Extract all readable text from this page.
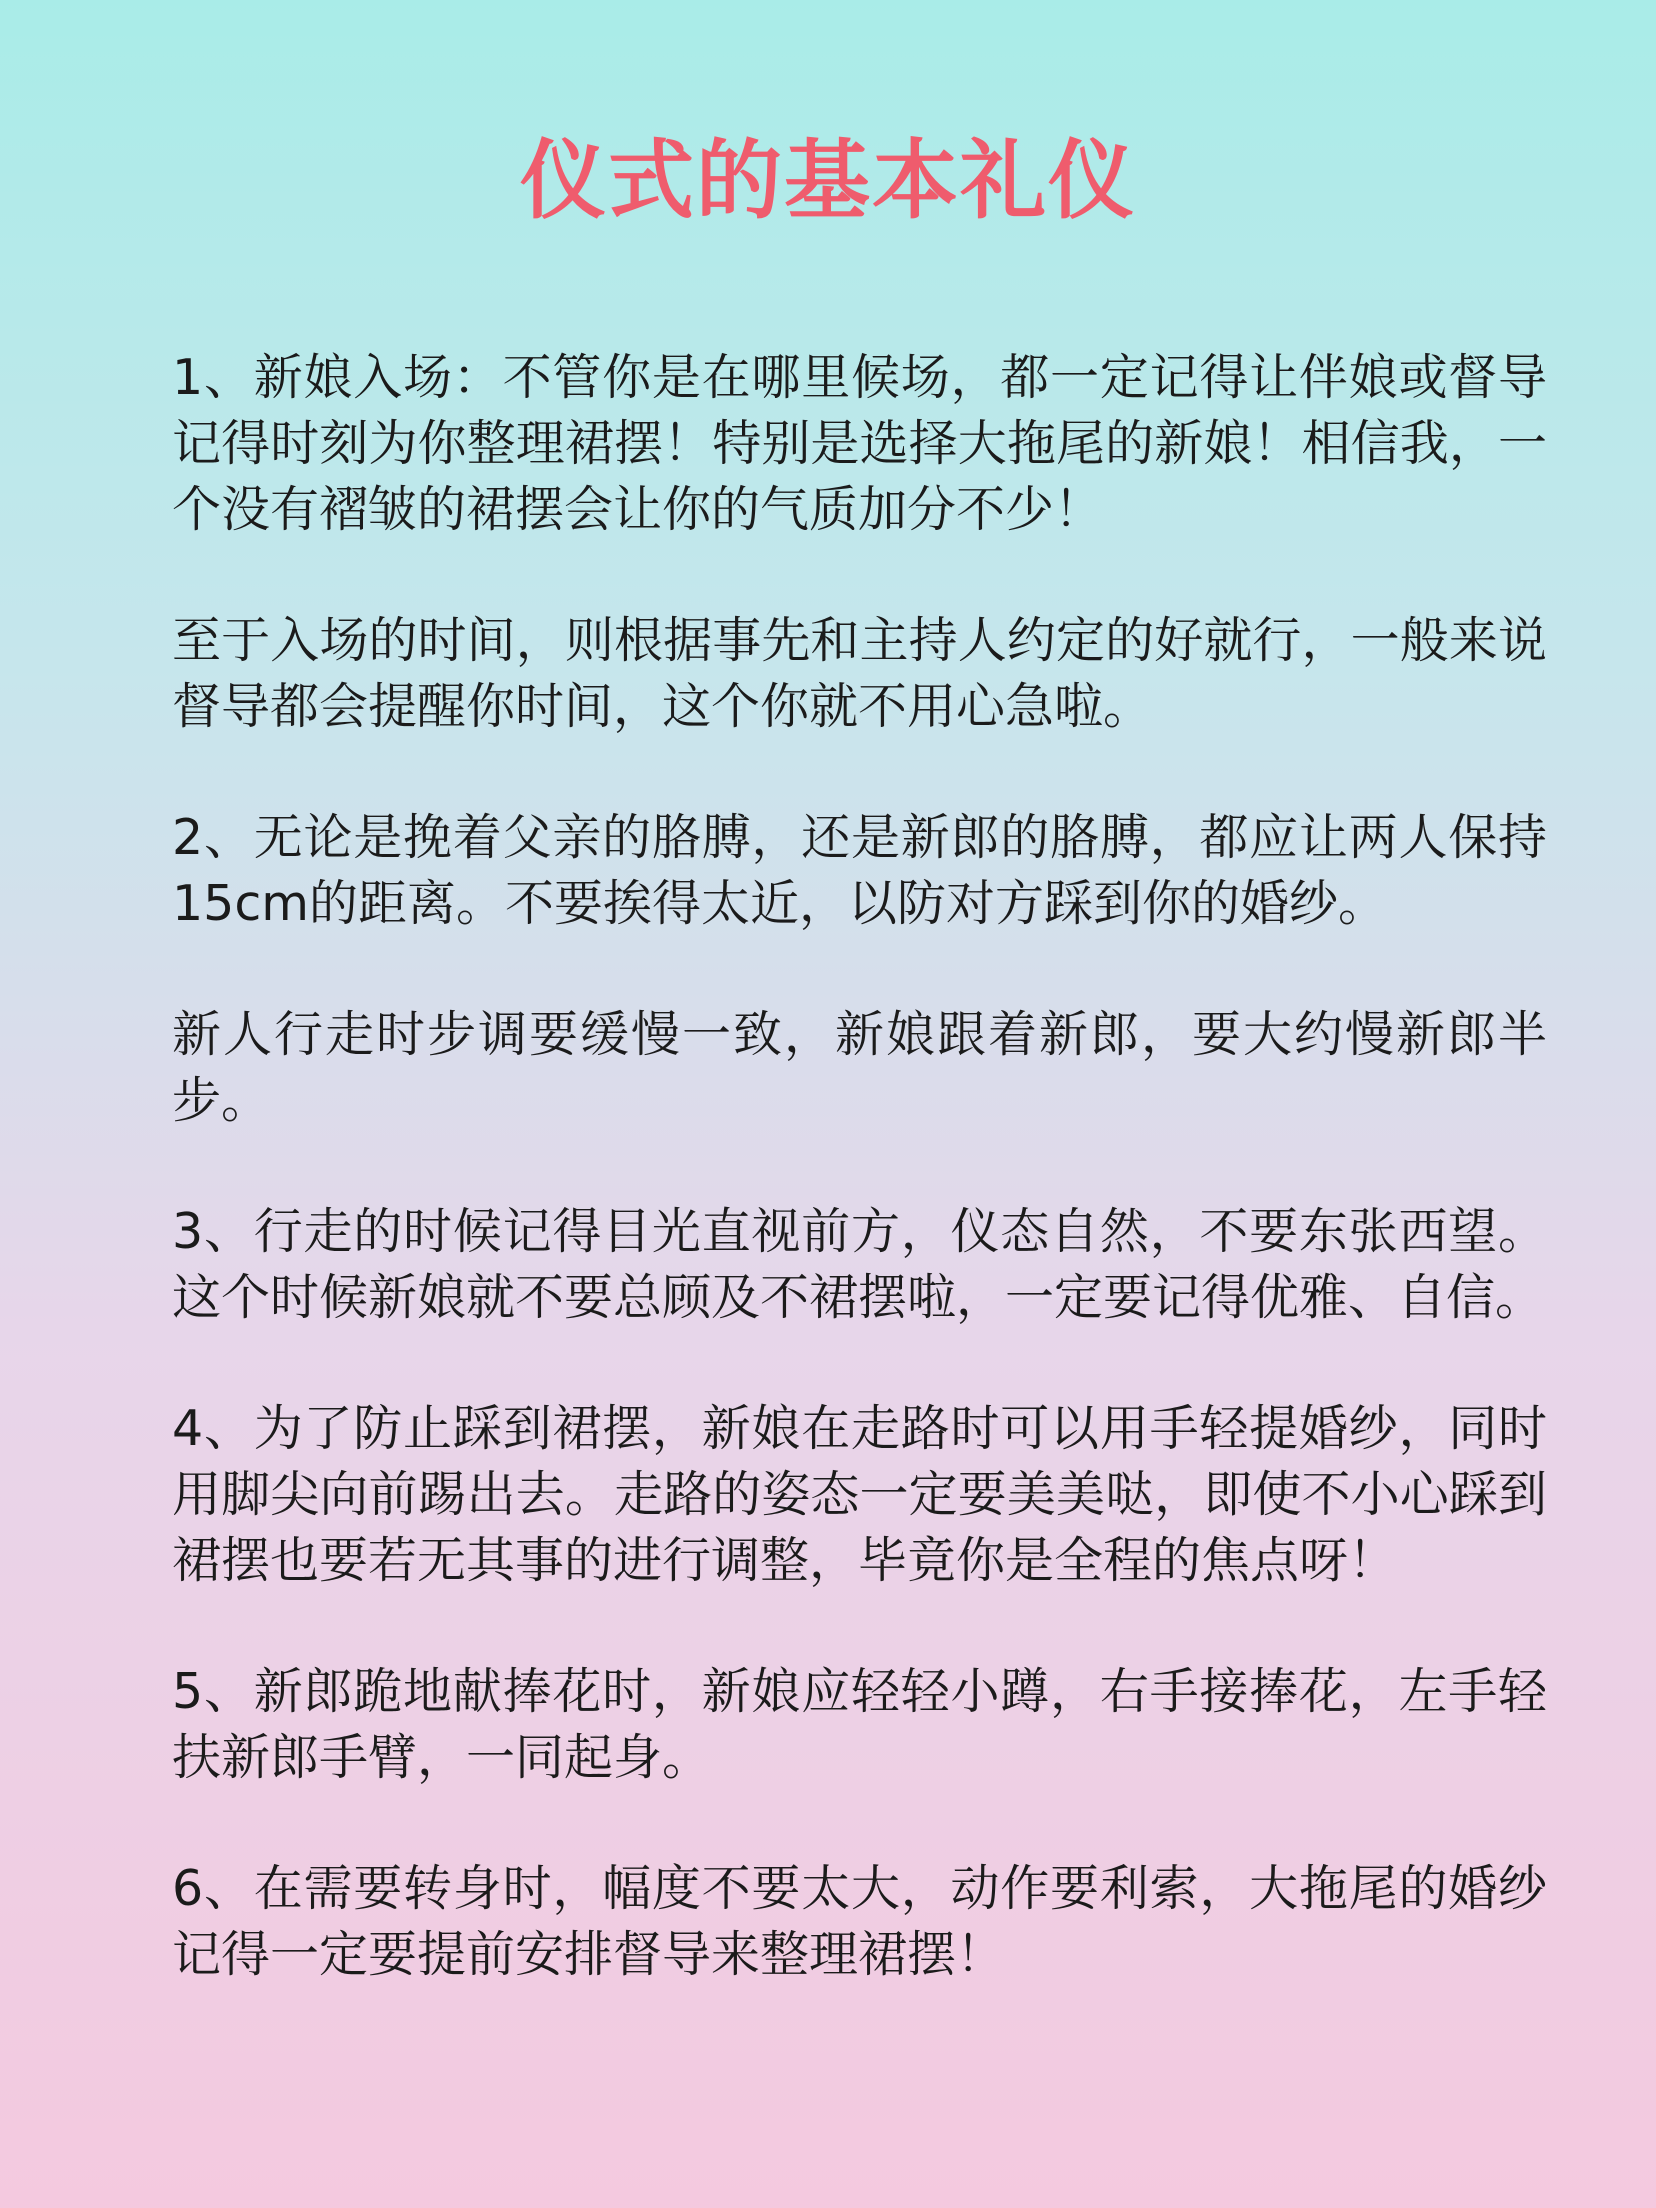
仪式的基本礼仪

1、新娘入场：不管你是在哪里候场，都一定记得让伴娘或督导记得时刻为你整理裙摆！特别是选择大拖尾的新娘！相信我，一个没有褶皱的裙摆会让你的气质加分不少！

至于入场的时间，则根据事先和主持人约定的好就行，一般来说督导都会提醒你时间，这个你就不用心急啦。

2、无论是挽着父亲的胳膊，还是新郎的胳膊，都应让两人保持15cm的距离。不要挨得太近，以防对方踩到你的婚纱。

新人行走时步调要缓慢一致，新娘跟着新郎，要大约慢新郎半步。

3、行走的时候记得目光直视前方，仪态自然，不要东张西望。这个时候新娘就不要总顾及不裙摆啦，一定要记得优雅、自信。

4、为了防止踩到裙摆，新娘在走路时可以用手轻提婚纱，同时用脚尖向前踢出去。走路的姿态一定要美美哒，即使不小心踩到裙摆也要若无其事的进行调整，毕竟你是全程的焦点呀！

5、新郎跪地献捧花时，新娘应轻轻小蹲，右手接捧花，左手轻扶新郎手臂，一同起身。

6、在需要转身时，幅度不要太大，动作要利索，大拖尾的婚纱记得一定要提前安排督导来整理裙摆！
